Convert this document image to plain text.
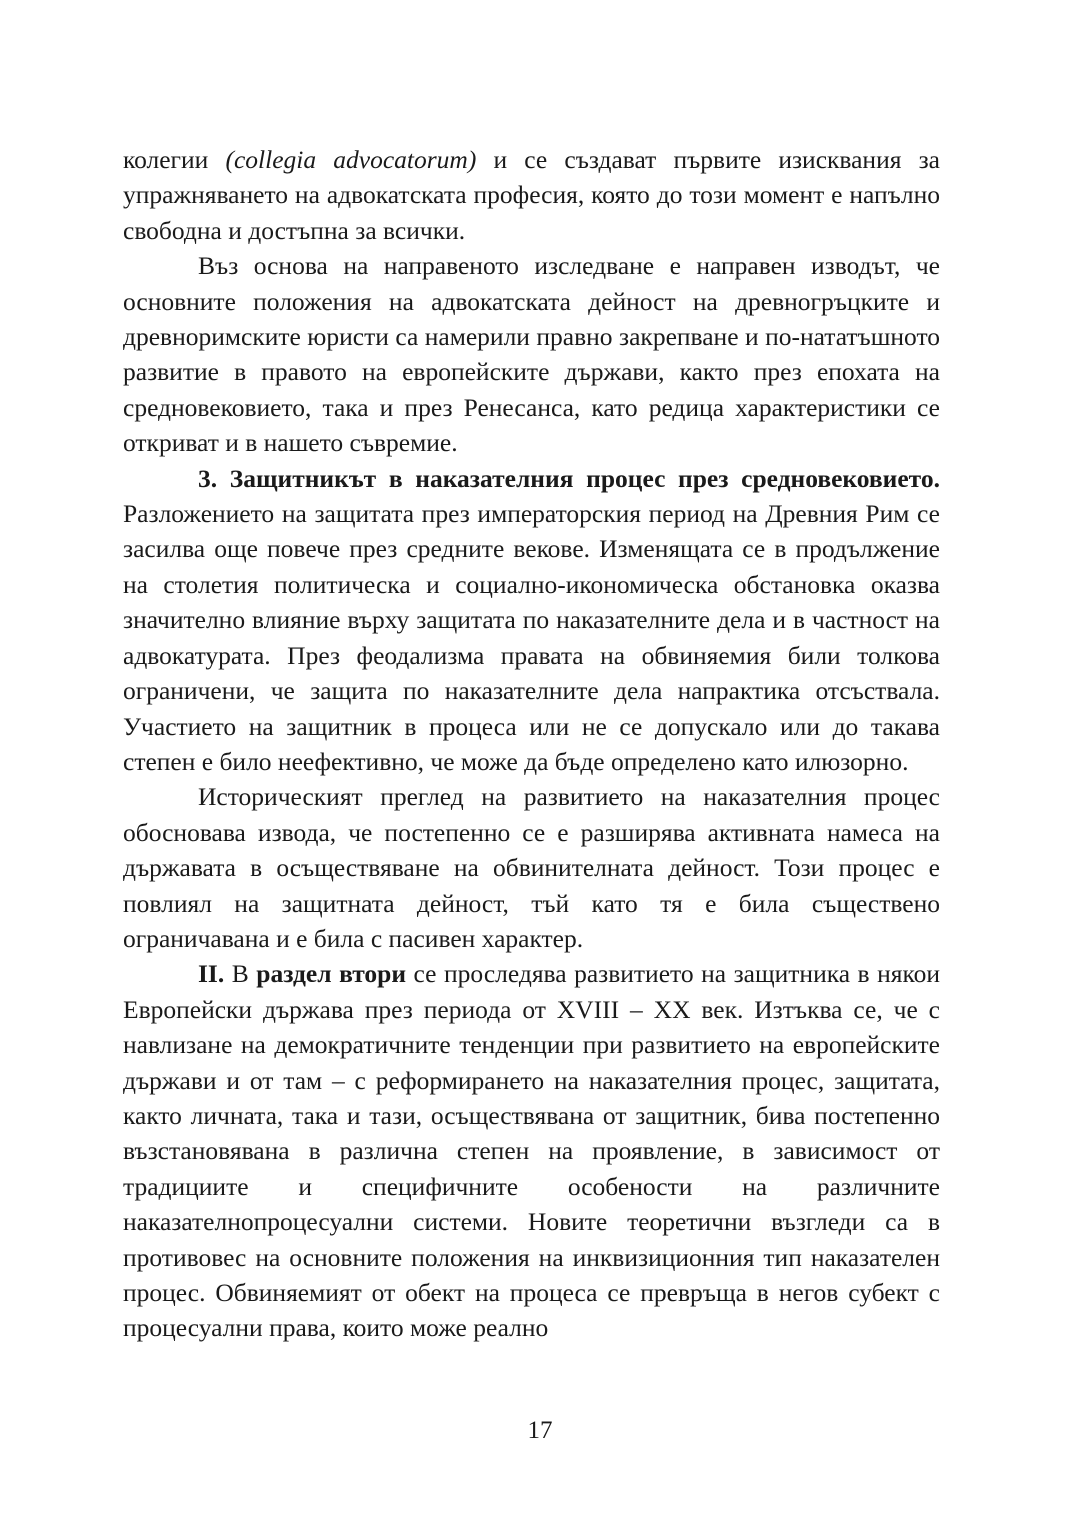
колегии (collegia advocatorum) и се създават първите изисквания за упражняването на адвокатската професия, която до този момент е напълно свободна и достъпна за всички.

Въз основа на направеното изследване е направен изводът, че основните положения на адвокатската дейност на древногръцките и древноримските юристи са намерили правно закрепване и по-нататъшното развитие в правото на европейските държави, както през епохата на средновековието, така и през Ренесанса, като редица характеристики се откриват и в нашето съвремие.

3. Защитникът в наказателния процес през средновековието. Разложението на защитата през императорския период на Древния Рим се засилва още повече през средните векове. Изменящата се в продължение на столетия политическа и социално-икономическа обстановка оказва значително влияние върху защитата по наказателните дела и в частност на адвокатурата. През феодализма правата на обвиняемия били толкова ограничени, че защита по наказателните дела напрактика отсъствала. Участието на защитник в процеса или не се допускало или до такава степен е било неефективно, че може да бъде определено като илюзорно.

Историческият преглед на развитието на наказателния процес обосновава извода, че постепенно се е разширява активната намеса на държавата в осъществяване на обвинителната дейност. Този процес е повлиял на защитната дейност, тъй като тя е била съществено ограничавана и е била с пасивен характер.

II. В раздел втори се проследява развитието на защитника в някои Европейски държава през периода от XVIII – XX век. Изтъква се, че с навлизане на демократичните тенденции при развитието на европейските държави и от там – с реформирането на наказателния процес, защитата, както личната, така и тази, осъществявана от защитник, бива постепенно възстановявана в различна степен на проявление, в зависимост от традициите и специфичните особености на различните наказателнопроцесуални системи. Новите теоретични възгледи са в противовес на основните положения на инквизиционния тип наказателен процес. Обвиняемият от обект на процеса се превръща в негов субект с процесуални права, които може реално

17
